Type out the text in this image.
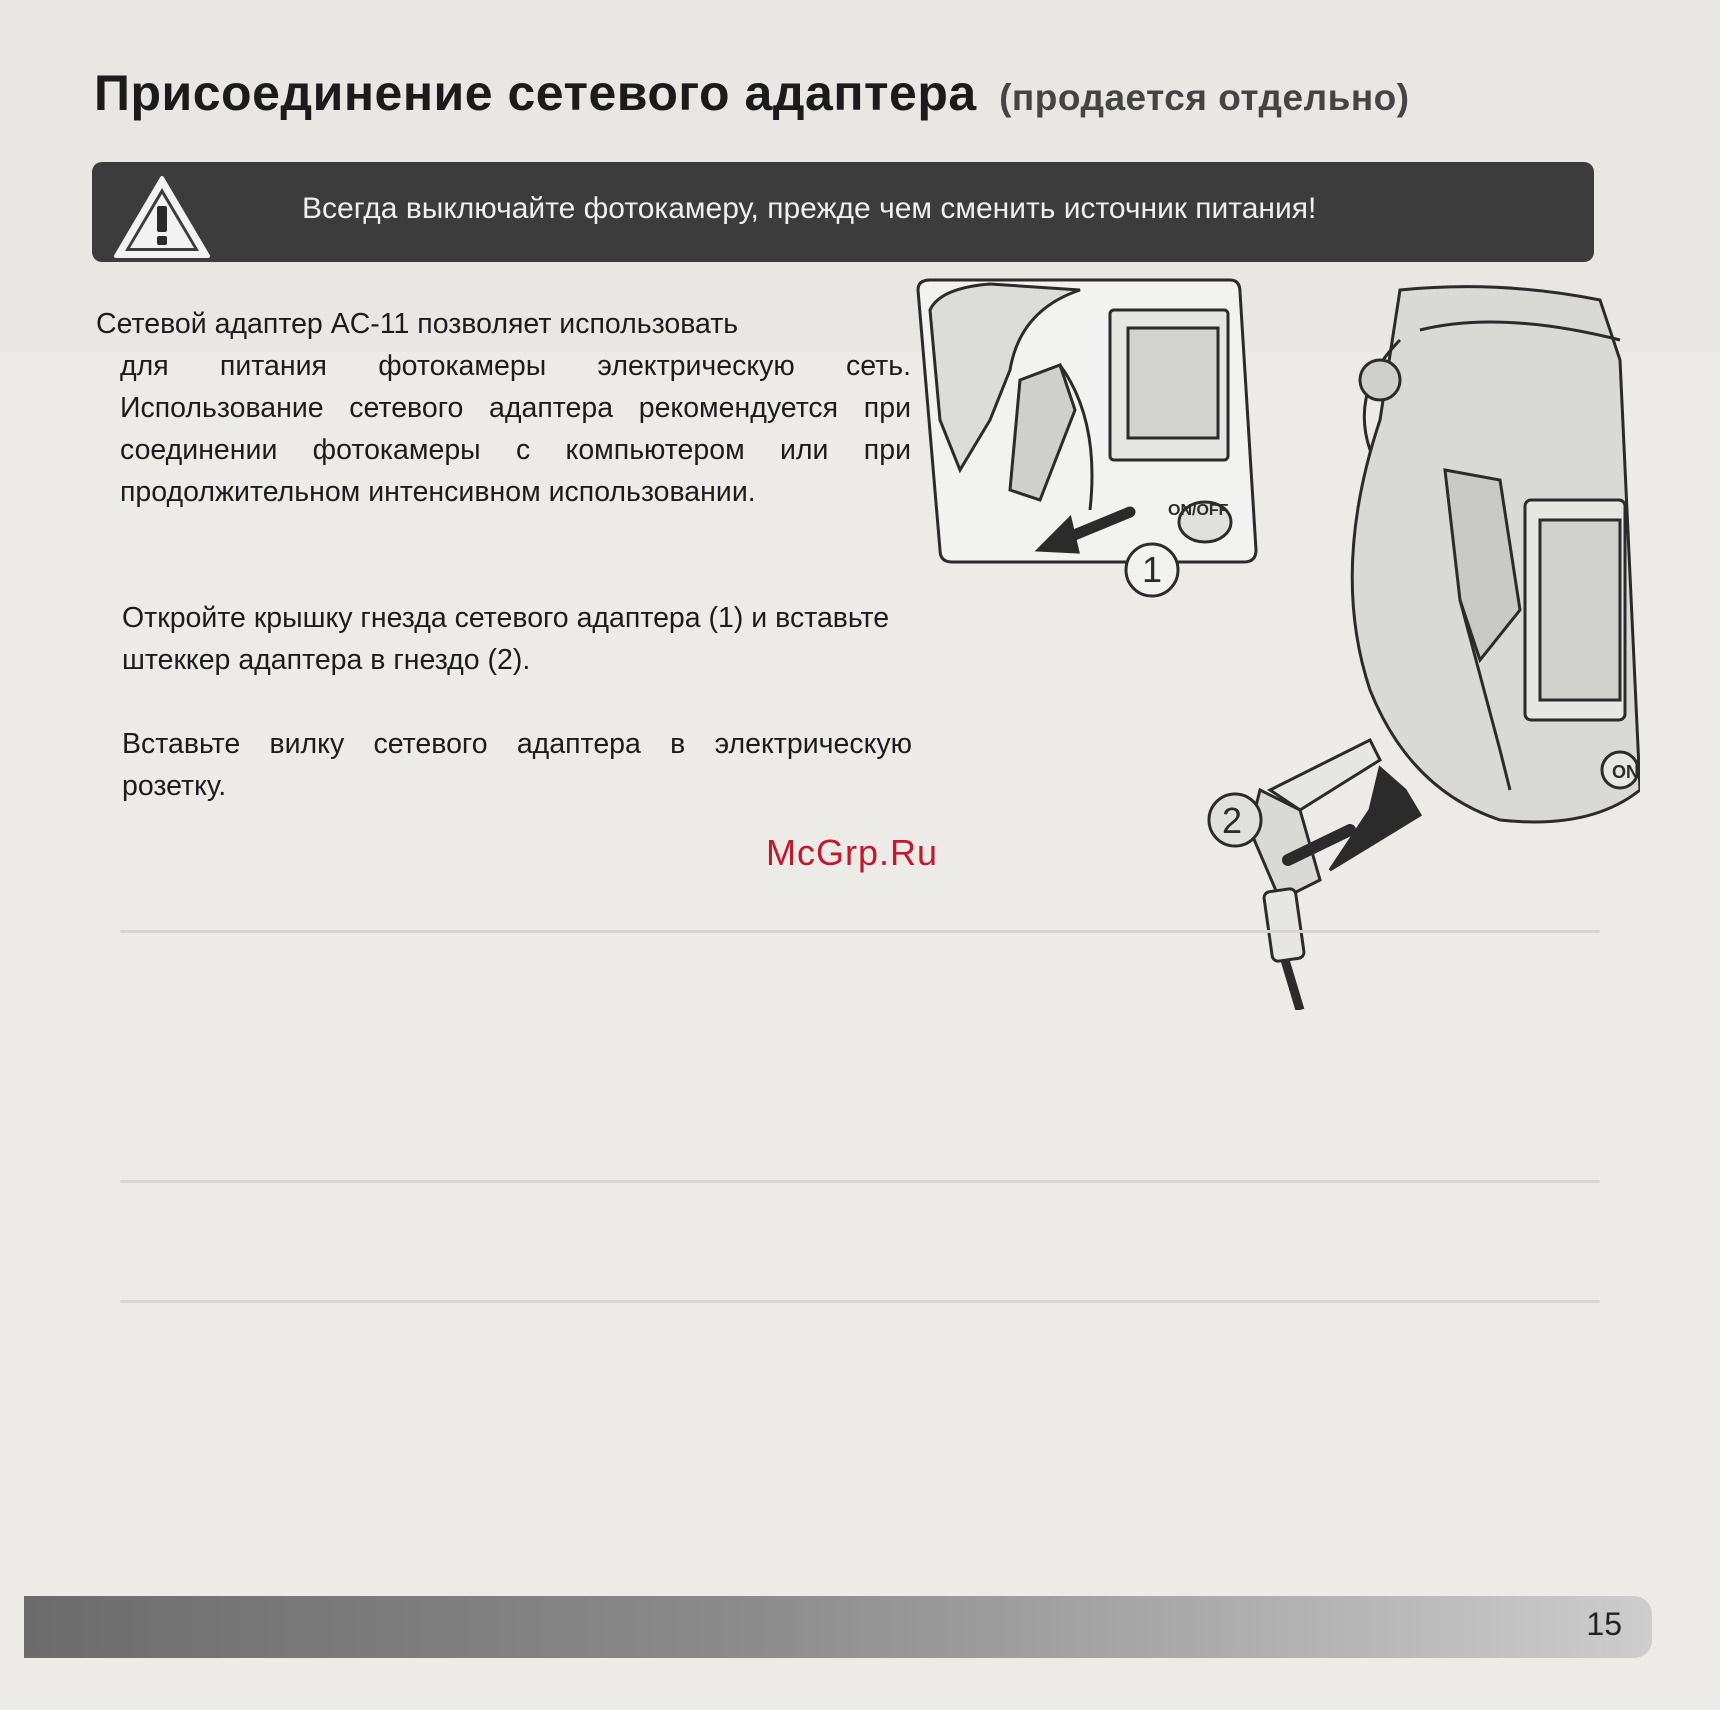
Присоединение сетевого адаптера (продается отдельно)
Всегда выключайте фотокамеру, прежде чем сменить источник питания!
Сетевой адаптер AC-11 позволяет использовать
для питания фотокамеры электрическую сеть. Использование сетевого адаптера рекомендуется при соединении фотокамеры с компьютером или при продолжительном интенсивном использовании.
Откройте крышку гнезда сетевого адаптера (1) и вставьте штеккер адаптера в гнездо (2).
Вставьте вилку сетевого адаптера в электрическую розетку.
ON/OFF
1
ON
2
McGrp.Ru
15
